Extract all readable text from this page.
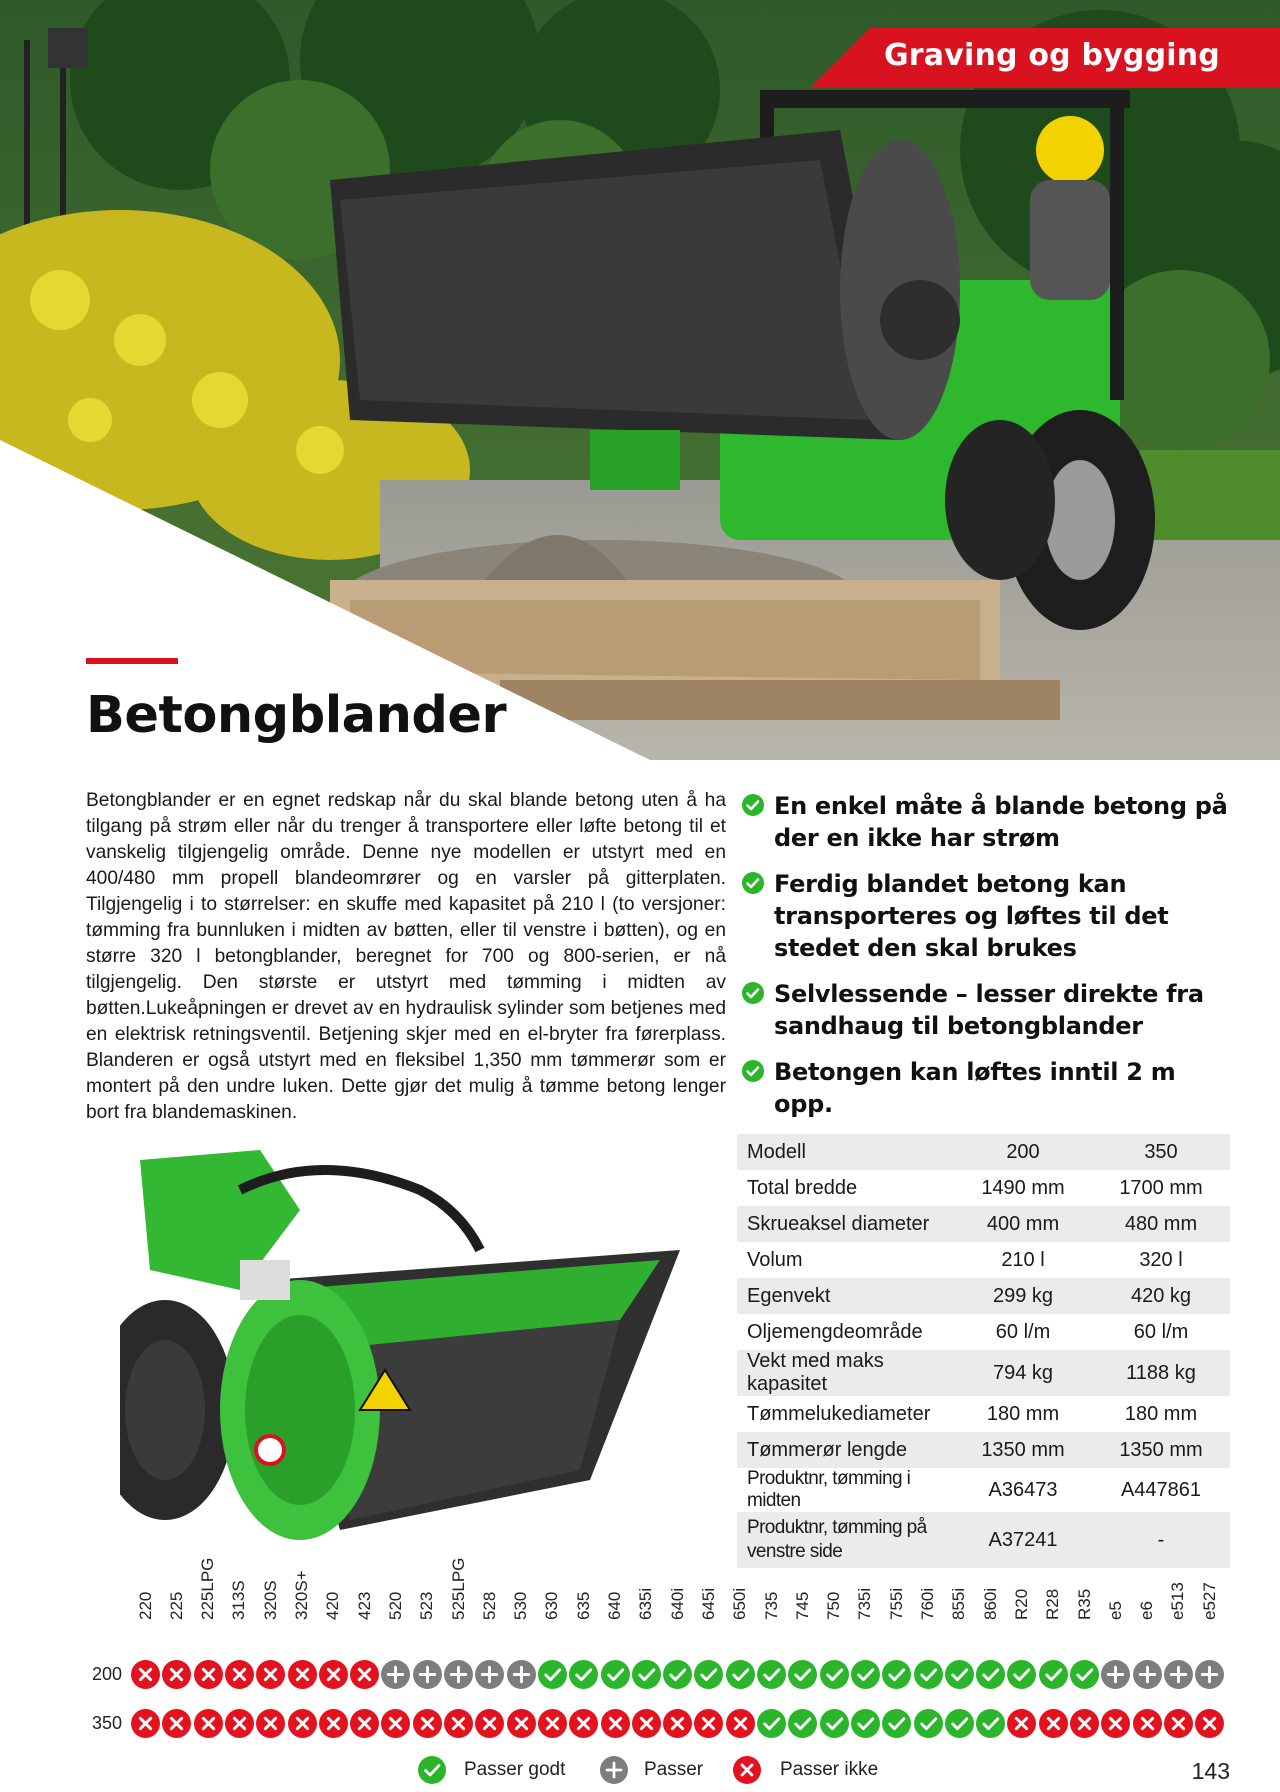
Graving og bygging
Betongblander

Betongblander er en egnet redskap når du skal blande betong uten å ha tilgang på strøm eller når du trenger å transportere eller løfte betong til et vanskelig tilgjengelig område. Denne nye modellen er utstyrt med en 400/480 mm propell blandeomrører og en varsler på gitterplaten. Tilgjengelig i to størrelser: en skuffe med kapasitet på 210 l (to versjoner: tømming fra bunnluken i midten av bøtten, eller til venstre i bøtten), og en større 320 l betongblander, beregnet for 700 og 800-serien, er nå tilgjengelig. Den største er utstyrt med tømming i midten av bøtten.Lukeåpningen er drevet av en hydraulisk sylinder som betjenes med en elektrisk retningsventil. Betjening skjer med en el-bryter fra førerplass. Blanderen er også utstyrt med en fleksibel 1,350 mm tømmerør som er montert på den undre luken. Dette gjør det mulig å tømme betong lenger bort fra blandemaskinen.

En enkel måte å blande betong på der en ikke har strøm
Ferdig blandet betong kan transporteres og løftes til det stedet den skal brukes
Selvlessende – lesser direkte fra sandhaug til betongblander
Betongen kan løftes inntil 2 m opp.
Modell	200	350
Total bredde	1490 mm	1700 mm
Skrueaksel diameter	400 mm	480 mm
Volum	210 l	320 l
Egenvekt	299 kg	420 kg
Oljemengdeområde	60 l/m	60 l/m
Vekt med maks kapasitet	794 kg	1188 kg
Tømmelukediameter	180 mm	180 mm
Tømmerør lengde	1350 mm	1350 mm
Produktnr, tømming i midten	A36473	A447861
Produktnr, tømming på venstre side	A37241	-
220 225 225LPG 313S 320S 320S+ 420 423 520 523 525LPG 528 530 630 635 640 635i 640i 645i 650i 735 745 750 735i 755i 760i 855i 860i R20 R28 R35 e5 e6 e513 e527
200
350
Passer godt	Passer	Passer ikke	143
